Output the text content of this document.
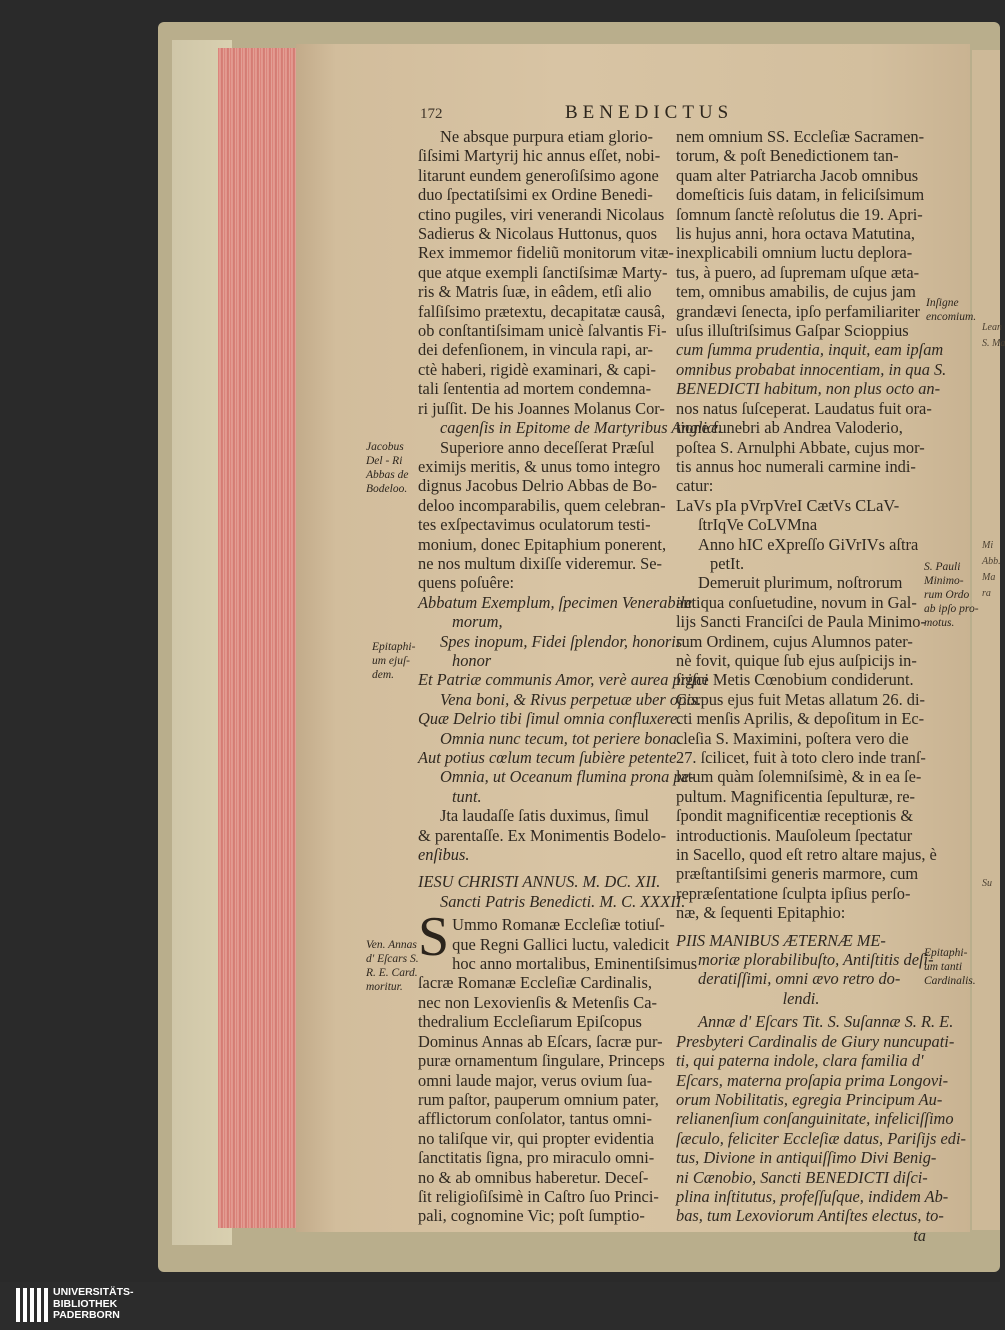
172	BENEDICTUS
Ne absque purpura etiam glorio-
ſiſsimi Martyrij hic annus eſſet, nobi-
litarunt eundem generoſiſsimo agone
duo ſpectatiſsimi ex Ordine Benedi-
ctino pugiles, viri venerandi Nicolaus
Sadierus & Nicolaus Huttonus, quos
Rex immemor fideliũ monitorum vitæ-
que atque exempli ſanctiſsimæ Marty-
ris & Matris ſuæ, in eâdem, etſi alio
falſiſsimo prætextu, decapitatæ causâ,
ob conſtantiſsimam unicè ſalvantis Fi-
dei defenſionem, in vincula rapi, ar-
ctè haberi, rigidè examinari, & capi-
tali ſententia ad mortem condemna-
ri juſſit. De his Joannes Molanus Cor-
cagenſis in Epitome de Martyribus Angliæ.
Superiore anno deceſſerat Præſul
eximijs meritis, & unus tomo integro
dignus Jacobus Delrio Abbas de Bo-
deloo incomparabilis, quem celebran-
tes exſpectavimus oculatorum testi-
monium, donec Epitaphium ponerent,
ne nos multum dixiſſe videremur. Se-
quens poſuêre:
Abbatum Exemplum, ſpecimen Venerabile
morum,
Spes inopum, Fidei ſplendor, honoris
honor
Et Patriæ communis Amor, verè aurea priſci
Vena boni, & Rivus perpetuæ uber opis.
Quæ Delrio tibi ſimul omnia confluxere.
Omnia nunc tecum, tot periere bona.
Aut potius cœlum tecum ſubière petente
Omnia, ut Oceanum flumina prona pe-
tunt.
Jta laudaſſe ſatis duximus, ſimul
& parentaſſe. Ex Monimentis Bodelo-
enſibus.
IESU CHRISTI ANNUS. M. DC. XII.
Sancti Patris Benedicti. M. C. XXXII.
S Ummo Romanæ Eccleſiæ totiuſ-
que Regni Gallici luctu, valedicit
hoc anno mortalibus, Eminentiſsimus
ſacræ Romanæ Eccleſiæ Cardinalis,
nec non Lexovienſis & Metenſis Ca-
thedralium Eccleſiarum Epiſcopus
Dominus Annas ab Eſcars, ſacræ pur-
puræ ornamentum ſingulare, Princeps
omni laude major, verus ovium ſua-
rum paſtor, pauperum omnium pater,
afflictorum conſolator, tantus omni-
no taliſque vir, qui propter evidentia
ſanctitatis ſigna, pro miraculo omni-
no & ab omnibus haberetur. Deceſ-
ſit religioſiſsimè in Caſtro ſuo Princi-
pali, cognomine Vic; poſt ſumptio-
nem omnium SS. Eccleſiæ Sacramen-
torum, & poſt Benedictionem tan-
quam alter Patriarcha Jacob omnibus
domeſticis ſuis datam, in feliciſsimum
ſomnum ſanctè reſolutus die 19. Apri-
lis hujus anni, hora octava Matutina,
inexplicabili omnium luctu deplora-
tus, à puero, ad ſupremam uſque æta-
tem, omnibus amabilis, de cujus jam
grandævi ſenecta, ipſo perfamiliariter
uſus illuſtriſsimus Gaſpar Scioppius
cum ſumma prudentia, inquit, eam ipſam
omnibus probabat innocentiam, in qua S.
BENEDICTI habitum, non plus octo an-
nos natus ſuſceperat. Laudatus fuit ora-
tione funebri ab Andrea Valoderio,
poſtea S. Arnulphi Abbate, cujus mor-
tis annus hoc numerali carmine indi-
catur:
LaVs pIa pVrpVreI CætVs CLaV-
ſtrIqVe CoLVMna
Anno hIC eXpreſſo GiVrIVs aſtra
petIt.
Demeruit plurimum, noſtrorum
antiqua conſuetudine, novum in Gal-
lijs Sancti Franciſci de Paula Minimo-
rum Ordinem, cujus Alumnos pater-
nè fovit, quique ſub ejus auſpicijs in-
ſigne Metis Cœnobium condiderunt.
Corpus ejus fuit Metas allatum 26. di-
cti menſis Aprilis, & depoſitum in Ec-
cleſia S. Maximini, poſtera vero die
27. ſcilicet, fuit à toto clero inde tranſ-
latum quàm ſolemniſsimè, & in ea ſe-
pultum. Magnificentia ſepulturæ, re-
ſpondit magnificentiæ receptionis &
introductionis. Mauſoleum ſpectatur
in Sacello, quod eſt retro altare majus, è
præſtantiſsimi generis marmore, cum
repræſentatione ſculpta ipſius perſo-
næ, & ſequenti Epitaphio:
PIIS MANIBUS ÆTERNÆ ME-
moriæ plorabilibuſto, Antiſtitis deſi-
deratiſſimi, omni ævo retro do-
lendi.
Annæ d' Eſcars Tit. S. Suſannæ S. R. E.
Presbyteri Cardinalis de Giury nuncupati-
ti, qui paterna indole, clara familia d'
Eſcars, materna proſapia prima Longovi-
orum Nobilitatis, egregia Principum Au-
relianenſium conſanguinitate, infeliciſſimo
ſæculo, feliciter Eccleſiæ datus, Pariſijs edi-
tus, Divione in antiquiſſimo Divi Benig-
ni Cænobio, Sancti BENEDICTI diſci-
plina inſtitutus, profeſſuſque, indidem Ab-
bas, tum Lexoviorum Antiſtes electus, to-
ta
Jacobus
Del - Ri
Abbas de
Bodeloo.
Epitaphi-
um ejuſ-
dem.
Ven. Annas
d' Eſcars S.
R. E. Card.
moritur.
Inſigne
encomium.
S. Pauli
Minimo-
rum Ordo
ab ipſo pro-
motus.
Epitaphi-
um tanti
Cardinalis.
Lean
S. Ma
Mi
Abb.
Ma
ra
Su
UNIVERSITÄTS-
BIBLIOTHEK
PADERBORN
